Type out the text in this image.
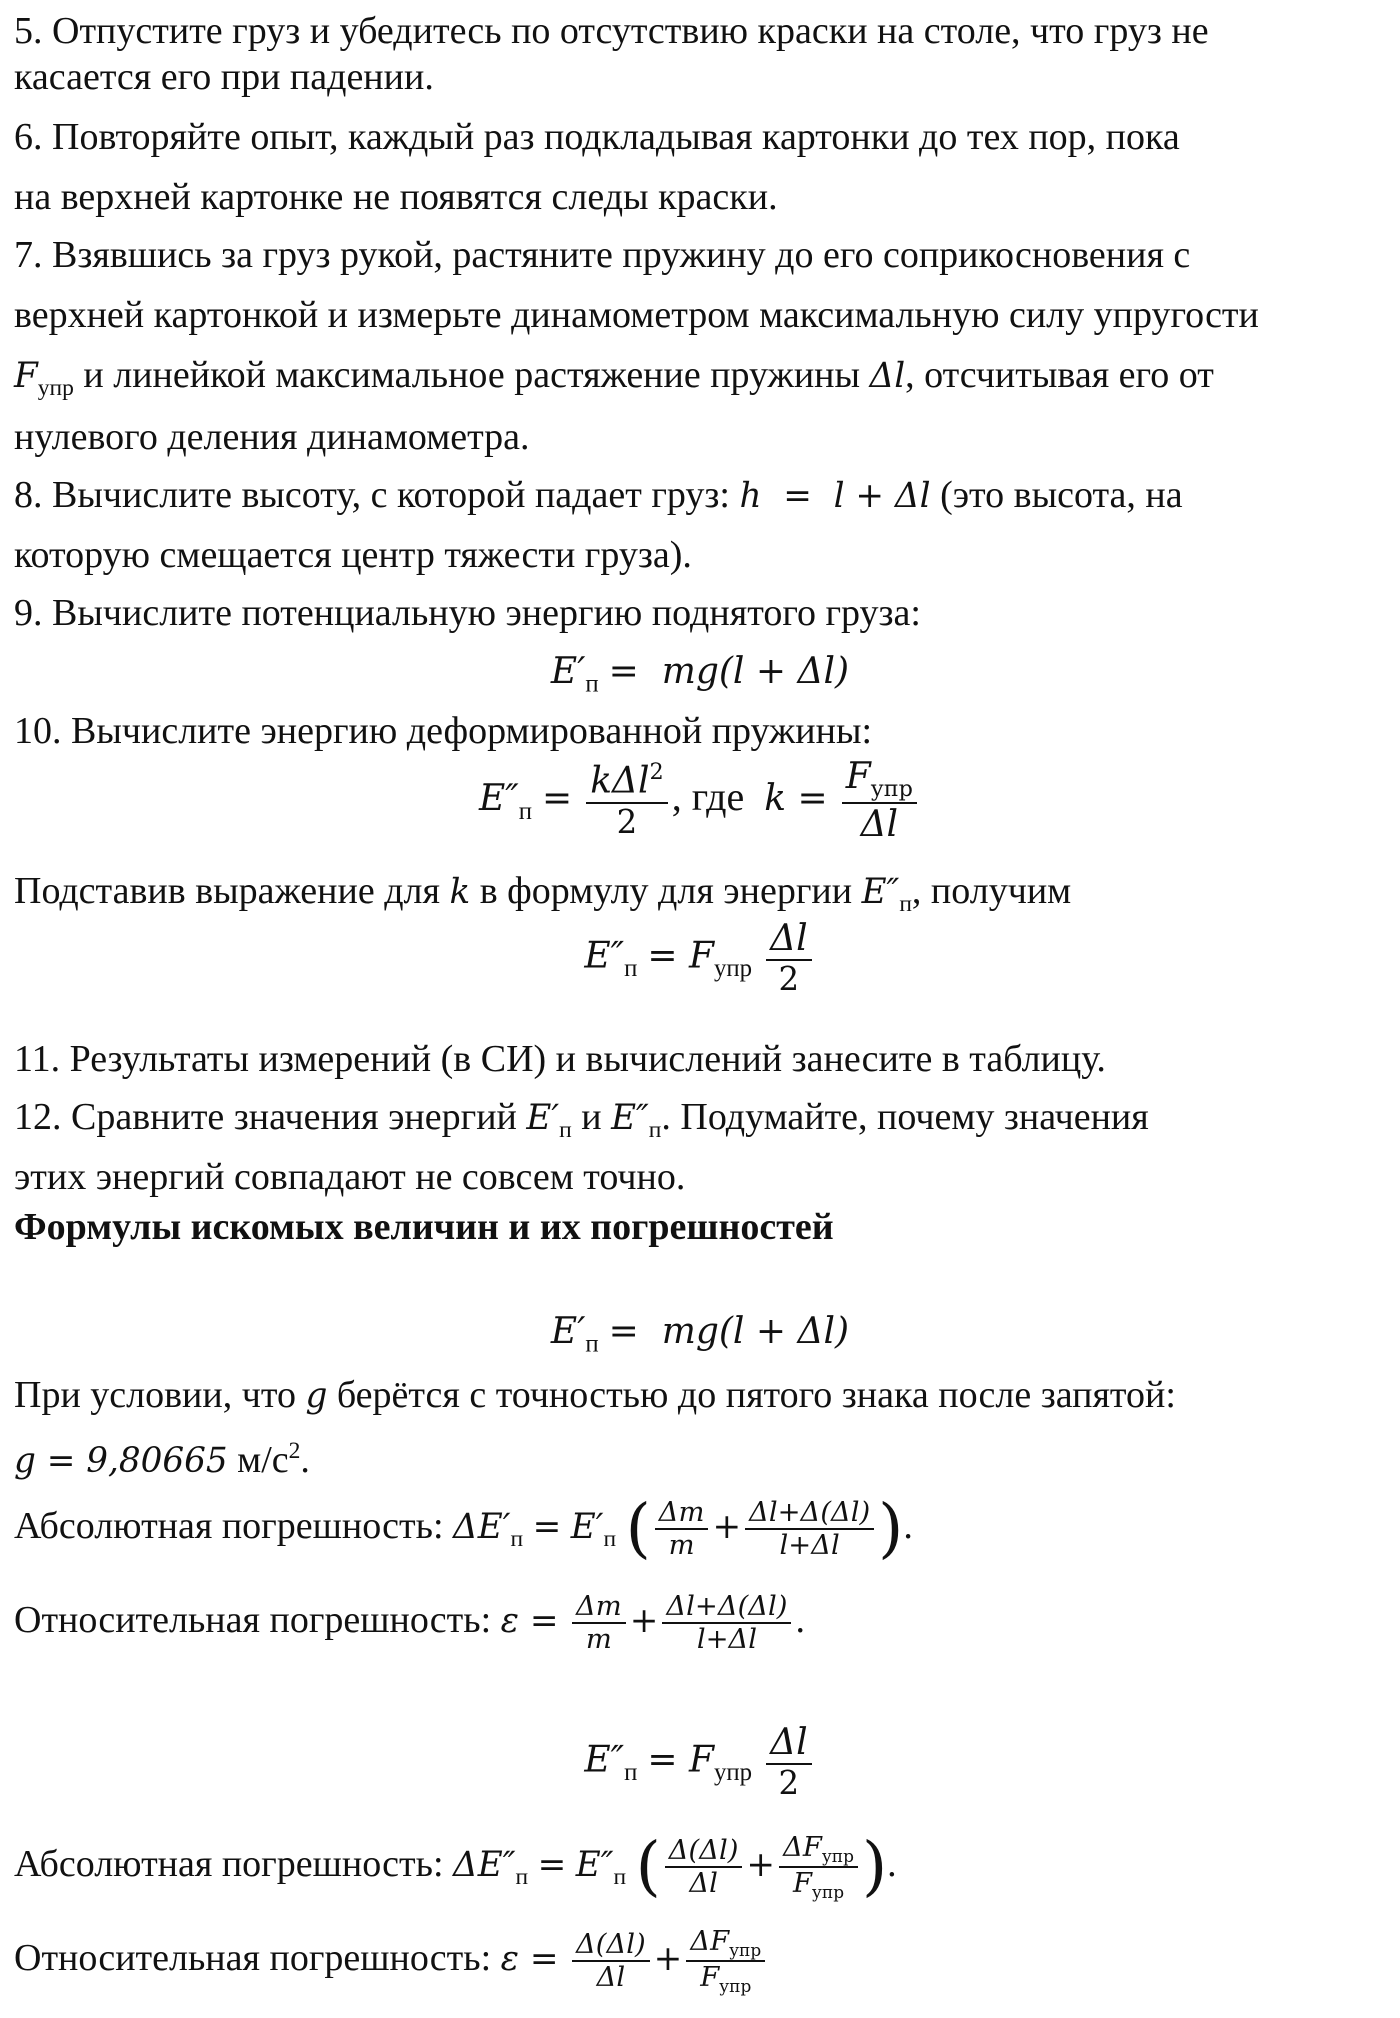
5. Отпустите груз и убедитесь по отсутствию краски на столе, что груз не
касается его при падении.
6. Повторяйте опыт, каждый раз подкладывая картонки до тех пор, пока
на верхней картонке не появятся следы краски.
7. Взявшись за груз рукой, растяните пружину до его соприкосновения с
верхней картонкой и измерьте динамометром максимальную силу упругости
$F_{упр}$ и линейкой максимальное растяжение пружины Δl, отсчитывая его от
нулевого деления динамометра.
8. Вычислите высоту, с которой падает груз: h  =  l + Δl (это высота, на
которую смещается центр тяжести груза).
9. Вычислите потенциальную энергию поднятого груза:
$E'_п = mg(l + \Delta l)$
10. Вычислите энергию деформированной пружины:
$E''_п = \frac{k\Delta l^2}{2}$ , где  $k = \frac{F_{упр}}{\Delta l}$
Подставив выражение для k в формулу для энергии $E''_п$, получим
$E''_п = F_{упр} \frac{\Delta l}{2}$
11. Результаты измерений (в СИ) и вычислений занесите в таблицу.
12. Сравните значения энергий $E'_п$ и $E''_п$. Подумайте, почему значения
этих энергий совпадают не совсем точно.
Формулы искомых величин и их погрешностей
$E'_п = mg(l + \Delta l)$
При условии, что g берётся с точностью до пятого знака после запятой:
g = 9,80665 $м/с^2$.
Абсолютная погрешность: $\Delta E'_п = E'_п$ ( $\frac{\Delta m}{m} + \frac{\Delta l+\Delta(\Delta l)}{l+\Delta l}$ ).
Относительная погрешность: $\varepsilon = \frac{\Delta m}{m} + \frac{\Delta l+\Delta(\Delta l)}{l+\Delta l}$ .
$E''_п = F_{упр} \frac{\Delta l}{2}$
Абсолютная погрешность: $\Delta E''_п = E''_п$ ( $\frac{\Delta(\Delta l)}{\Delta l} + \frac{\Delta F_{упр}}{F_{упр}}$ ).
Относительная погрешность: $\varepsilon = \frac{\Delta(\Delta l)}{\Delta l} + \frac{\Delta F_{упр}}{F_{упр}}$
